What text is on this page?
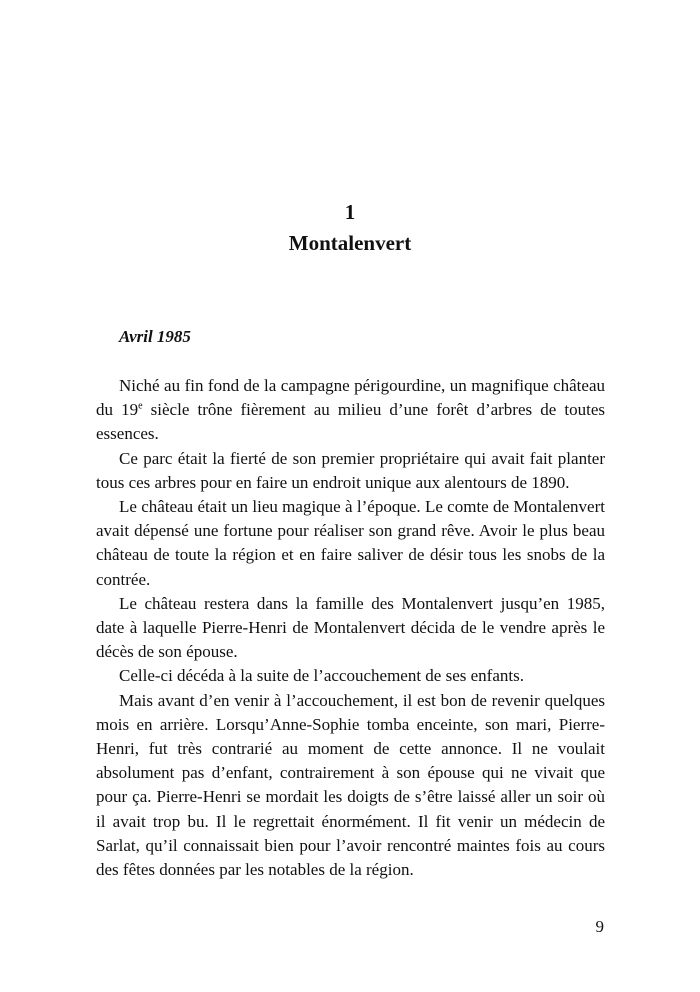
1
Montalenvert
Avril 1985

Niché au fin fond de la campagne périgourdine, un magnifique château du 19e siècle trône fièrement au milieu d’une forêt d’arbres de toutes essences.

Ce parc était la fierté de son premier propriétaire qui avait fait planter tous ces arbres pour en faire un endroit unique aux alentours de 1890.

Le château était un lieu magique à l’époque. Le comte de Montalenvert avait dépensé une fortune pour réaliser son grand rêve. Avoir le plus beau château de toute la région et en faire saliver de désir tous les snobs de la contrée.

Le château restera dans la famille des Montalenvert jusqu’en 1985, date à laquelle Pierre-Henri de Montalenvert décida de le vendre après le décès de son épouse.

Celle-ci décéda à la suite de l’accouchement de ses enfants.

Mais avant d’en venir à l’accouchement, il est bon de revenir quelques mois en arrière. Lorsqu’Anne-Sophie tomba enceinte, son mari, Pierre-Henri, fut très contrarié au moment de cette annonce. Il ne voulait absolument pas d’enfant, contrairement à son épouse qui ne vivait que pour ça. Pierre-Henri se mordait les doigts de s’être laissé aller un soir où il avait trop bu. Il le regrettait énormément. Il fit venir un médecin de Sarlat, qu’il connaissait bien pour l’avoir rencontré maintes fois au cours des fêtes données par les notables de la région.

9
